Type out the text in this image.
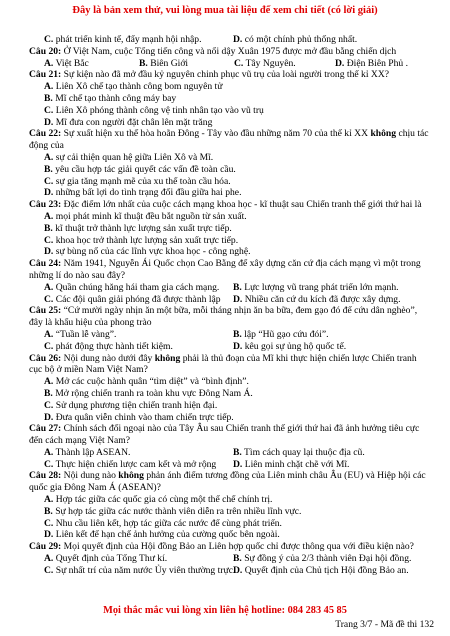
Đây là bản xem thử, vui lòng mua tài liệu để xem chi tiết (có lời giải)
C. phát triển kinh tế, đẩy mạnh hội nhập.	D. có một chính phủ thống nhất.
Câu 20: Ở Việt Nam, cuộc Tổng tiến công và nổi dậy Xuân 1975 được mở đầu bằng chiến dịch
A. Việt Bắc	B. Biên Giới	C. Tây Nguyên.	D. Điện Biên Phủ .
Câu 21: Sự kiện nào đã mở đầu kỷ nguyên chinh phục vũ trụ của loài người trong thế kỉ XX?
A. Liên Xô chế tạo thành công bom nguyên tử
B. Mĩ chế tạo thành công máy bay
C. Liên Xô phóng thành công vệ tinh nhân tạo vào vũ trụ
D. Mĩ đưa con người đặt chân lên mặt trăng
Câu 22: Sự xuất hiện xu thế hòa hoãn Đông - Tây vào đầu những năm 70 của thế kỉ XX không chịu tác động của
A. sự cải thiện quan hệ giữa Liên Xô và Mĩ.
B. yêu cầu hợp tác giải quyết các vấn đề toàn cầu.
C. sự gia tăng mạnh mẽ của xu thế toàn cầu hóa.
D. những bất lợi do tình trạng đối đầu giữa hai phe.
Câu 23: Đặc điểm lớn nhất của cuộc cách mạng khoa học - kĩ thuật sau Chiến tranh thế giới thứ hai là
A. mọi phát minh kĩ thuật đều bắt nguồn từ sản xuất.
B. kĩ thuật trở thành lực lượng sản xuất trực tiếp.
C. khoa học trở thành lực lượng sản xuất trực tiếp.
D. sự bùng nổ của các lĩnh vực khoa học - công nghệ.
Câu 24: Năm 1941, Nguyễn Ái Quốc chọn Cao Bằng để xây dựng căn cứ địa cách mạng vì một trong những lí do nào sau đây?
A. Quần chúng hăng hái tham gia cách mạng.	B. Lực lượng vũ trang phát triển lớn mạnh.
C. Các đội quân giải phóng đã được thành lập	D. Nhiều căn cứ du kích đã được xây dựng.
Câu 25: “Cứ mười ngày nhịn ăn một bữa, mỗi tháng nhịn ăn ba bữa, đem gạo đó để cứu dân nghèo”, đây là khẩu hiệu của phong trào
A. “Tuần lễ vàng”.	B. lập “Hũ gạo cứu đói”.
C. phát động thực hành tiết kiệm.	D. kêu gọi sự ủng hộ quốc tế.
Câu 26: Nội dung nào dưới đây không phải là thủ đoạn của Mĩ khi thực hiện chiến lược Chiến tranh cục bộ ở miền Nam Việt Nam?
A. Mở các cuộc hành quân “tìm diệt” và “bình định”.
B. Mở rộng chiến tranh ra toàn khu vực Đông Nam Á.
C. Sử dụng phương tiện chiến tranh hiện đại.
D. Đưa quân viễn chinh vào tham chiến trực tiếp.
Câu 27: Chính sách đối ngoại nào của Tây Âu sau Chiến tranh thế giới thứ hai đã ảnh hưởng tiêu cực đến cách mạng Việt Nam?
A. Thành lập ASEAN.	B. Tìm cách quay lại thuộc địa cũ.
C. Thực hiện chiến lược cam kết và mở rộng	D. Liên minh chặt chẽ với Mĩ.
Câu 28: Nội dung nào không phản ánh điểm tương đồng của Liên minh châu Âu (EU) và Hiệp hội các quốc gia Đông Nam Á (ASEAN)?
A. Hợp tác giữa các quốc gia có cùng một thể chế chính trị.
B. Sự hợp tác giữa các nước thành viên diễn ra trên nhiều lĩnh vực.
C. Nhu cầu liên kết, hợp tác giữa các nước để cùng phát triển.
D. Liên kết để hạn chế ảnh hưởng của cường quốc bên ngoài.
Câu 29: Mọi quyết định của Hội đồng Bảo an Liên hợp quốc chỉ được thông qua với điều kiện nào?
A. Quyết định của Tổng Thư kí.	B. Sự đồng ý của 2/3 thành viên Đại hội đồng.
C. Sự nhất trí của năm nước Ủy viên thường trực.
D. Quyết định của Chủ tịch Hội đồng Bảo an.
Mọi thắc mắc vui lòng xin liên hệ hotline: 084 283 45 85
Trang 3/7 - Mã đề thi 132
